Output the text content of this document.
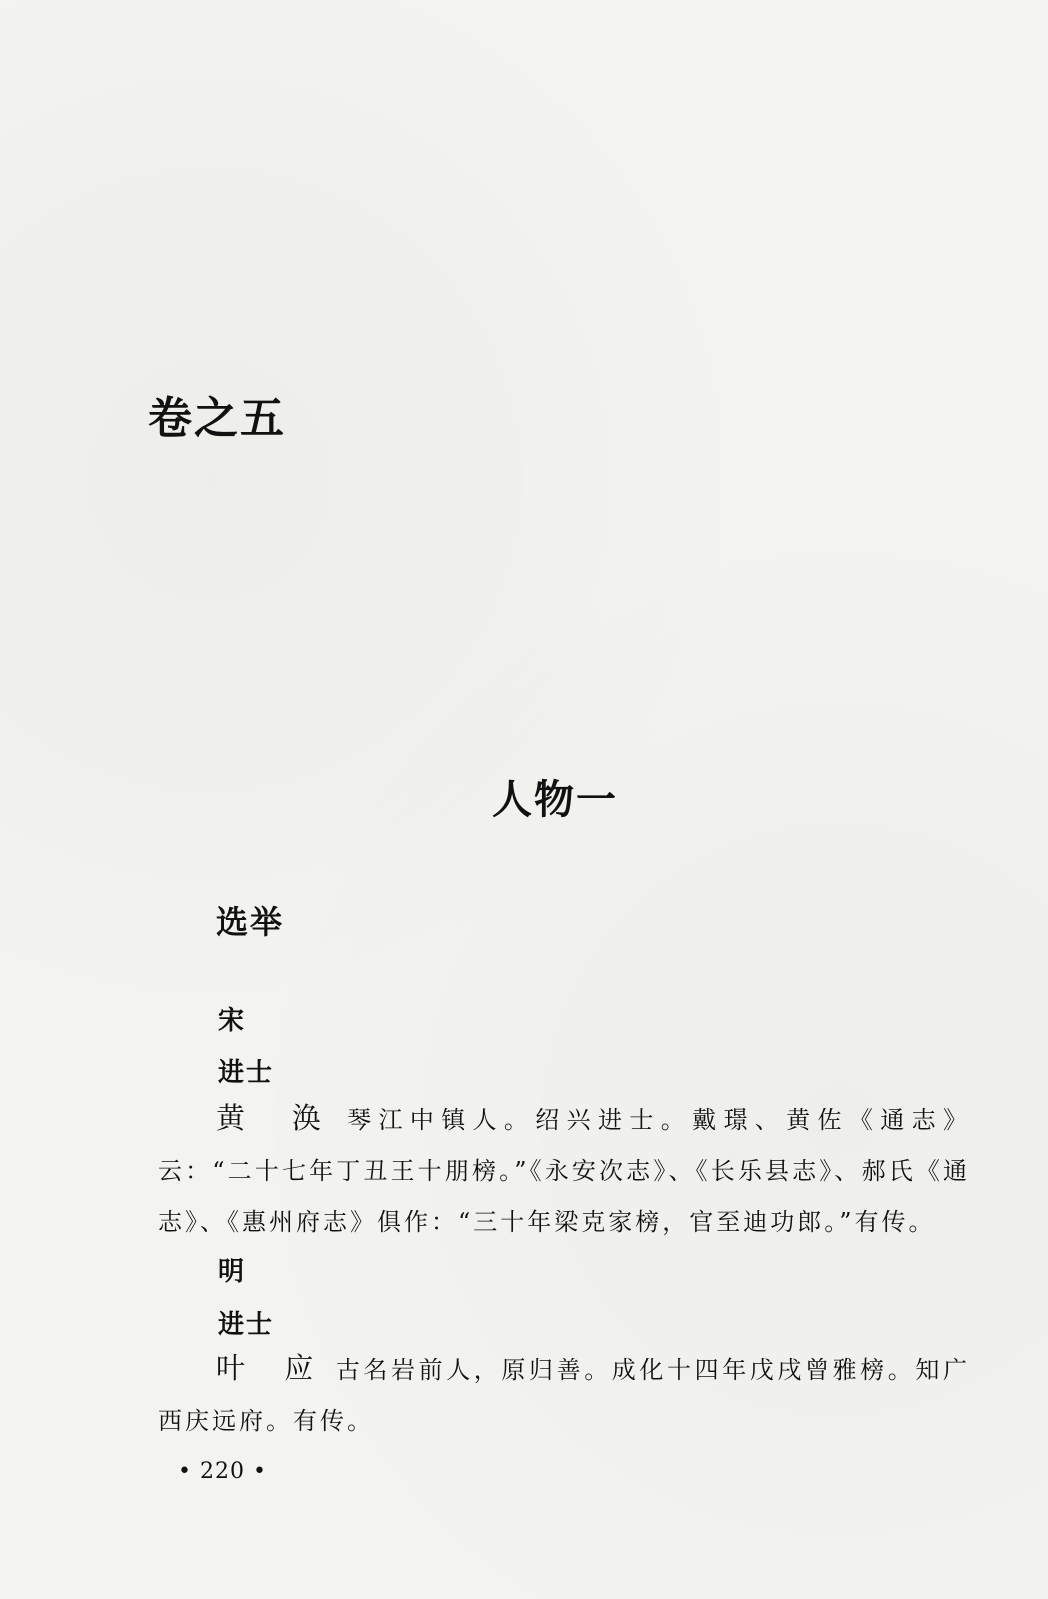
卷之五
人物一
选举
宋
进士

黄 涣 琴江中镇人。绍兴进士。戴璟、黄佐《通志》云：“二十七年丁丑王十朋榜。”《永安次志》、《长乐县志》、郝氏《通志》、《惠州府志》俱作：“三十年梁克家榜，官至迪功郎。”有传。

明
进士

叶 应 古名岩前人，原归善。成化十四年戊戌曾雅榜。知广西庆远府。有传。

• 220 •
